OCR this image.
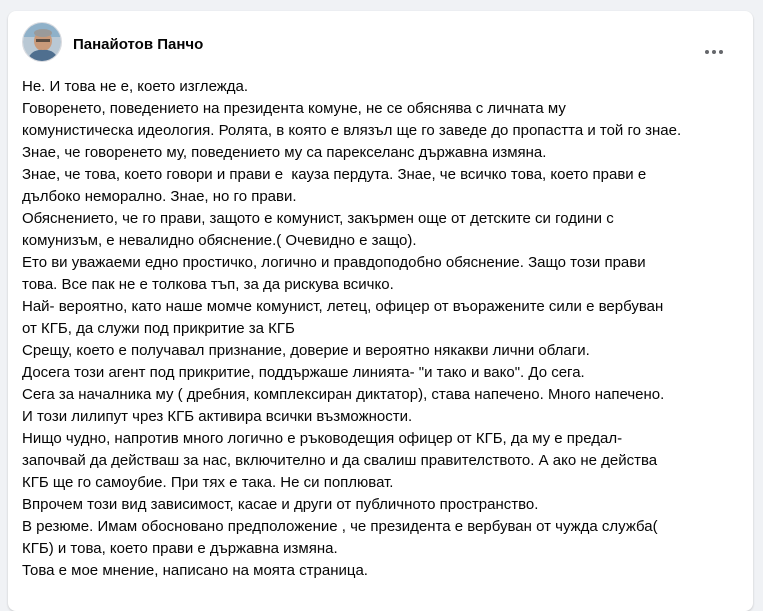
Панайотов Панчо
Не. И това не е, което изглежда.
Говоренето, поведението на президента комуне, не се обяснява с личната му
комунистическа идеология. Ролята, в която е влязъл ще го заведе до пропастта и той го знае.
Знае, че говоренето му, поведението му са парекселанс държавна измяна.
Знае, че това, което говори и прави е  кауза пердута. Знае, че всичко това, което прави е
дълбоко неморално. Знае, но го прави.
Обяснението, че го прави, защото е комунист, закърмен още от детските си години с
комунизъм, е невалидно обяснение.( Очевидно е защо).
Ето ви уважаеми едно простичко, логично и правдоподобно обяснение. Защо този прави
това. Все пак не е толкова тъп, за да рискува всичко.
Най- вероятно, като наше момче комунист, летец, офицер от въоражените сили е вербуван
от КГБ, да служи под прикритие за КГБ
Срещу, което е получавал признание, доверие и вероятно някакви лични облаги.
Досега този агент под прикритие, поддържаше линията- "и тако и вако". До сега.
Сега за началника му ( дребния, комплексиран диктатор), става напечено. Много напечено.
И този лилипут чрез КГБ активира всички възможности.
Нищо чудно, напротив много логично е ръководещия офицер от КГБ, да му е предал-
започвай да действаш за нас, включително и да свалиш правителството. А ако не действа
КГБ ще го самоубие. При тях е така. Не си поплюват.
Впрочем този вид зависимост, касае и други от публичното пространство.
В резюме. Имам обосновано предположение , че президента е вербуван от чужда служба(
КГБ) и това, което прави е държавна измяна.
Това е мое мнение, написано на моята страница.
